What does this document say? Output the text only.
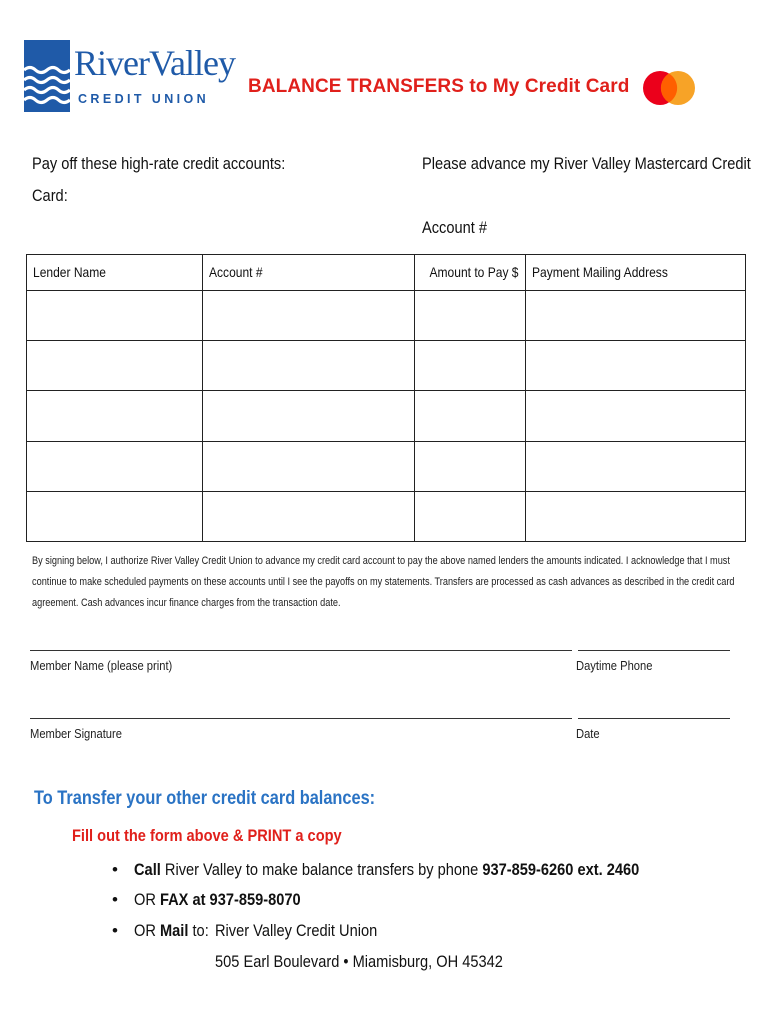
RiverValley
CREDIT UNION
BALANCE TRANSFERS to My Credit Card
Pay off these high-rate credit accounts:
Card:
Please advance my River Valley Mastercard Credit
Account #
Lender Name	Account #	Amount to Pay $	Payment Mailing Address

By signing below, I authorize River Valley Credit Union to advance my credit card account to pay the above named lenders the amounts indicated. I acknowledge that I must
continue to make scheduled payments on these accounts until I see the payoffs on my statements. Transfers are processed as cash advances as described in the credit card
agreement. Cash advances incur finance charges from the transaction date.
Member Name (please print)	Daytime Phone
Member Signature	Date
To Transfer your other credit card balances:
Fill out the form above & PRINT a copy
• Call River Valley to make balance transfers by phone 937-859-6260 ext. 2460
• OR FAX at 937-859-8070
• OR Mail to: River Valley Credit Union
505 Earl Boulevard • Miamisburg, OH 45342
